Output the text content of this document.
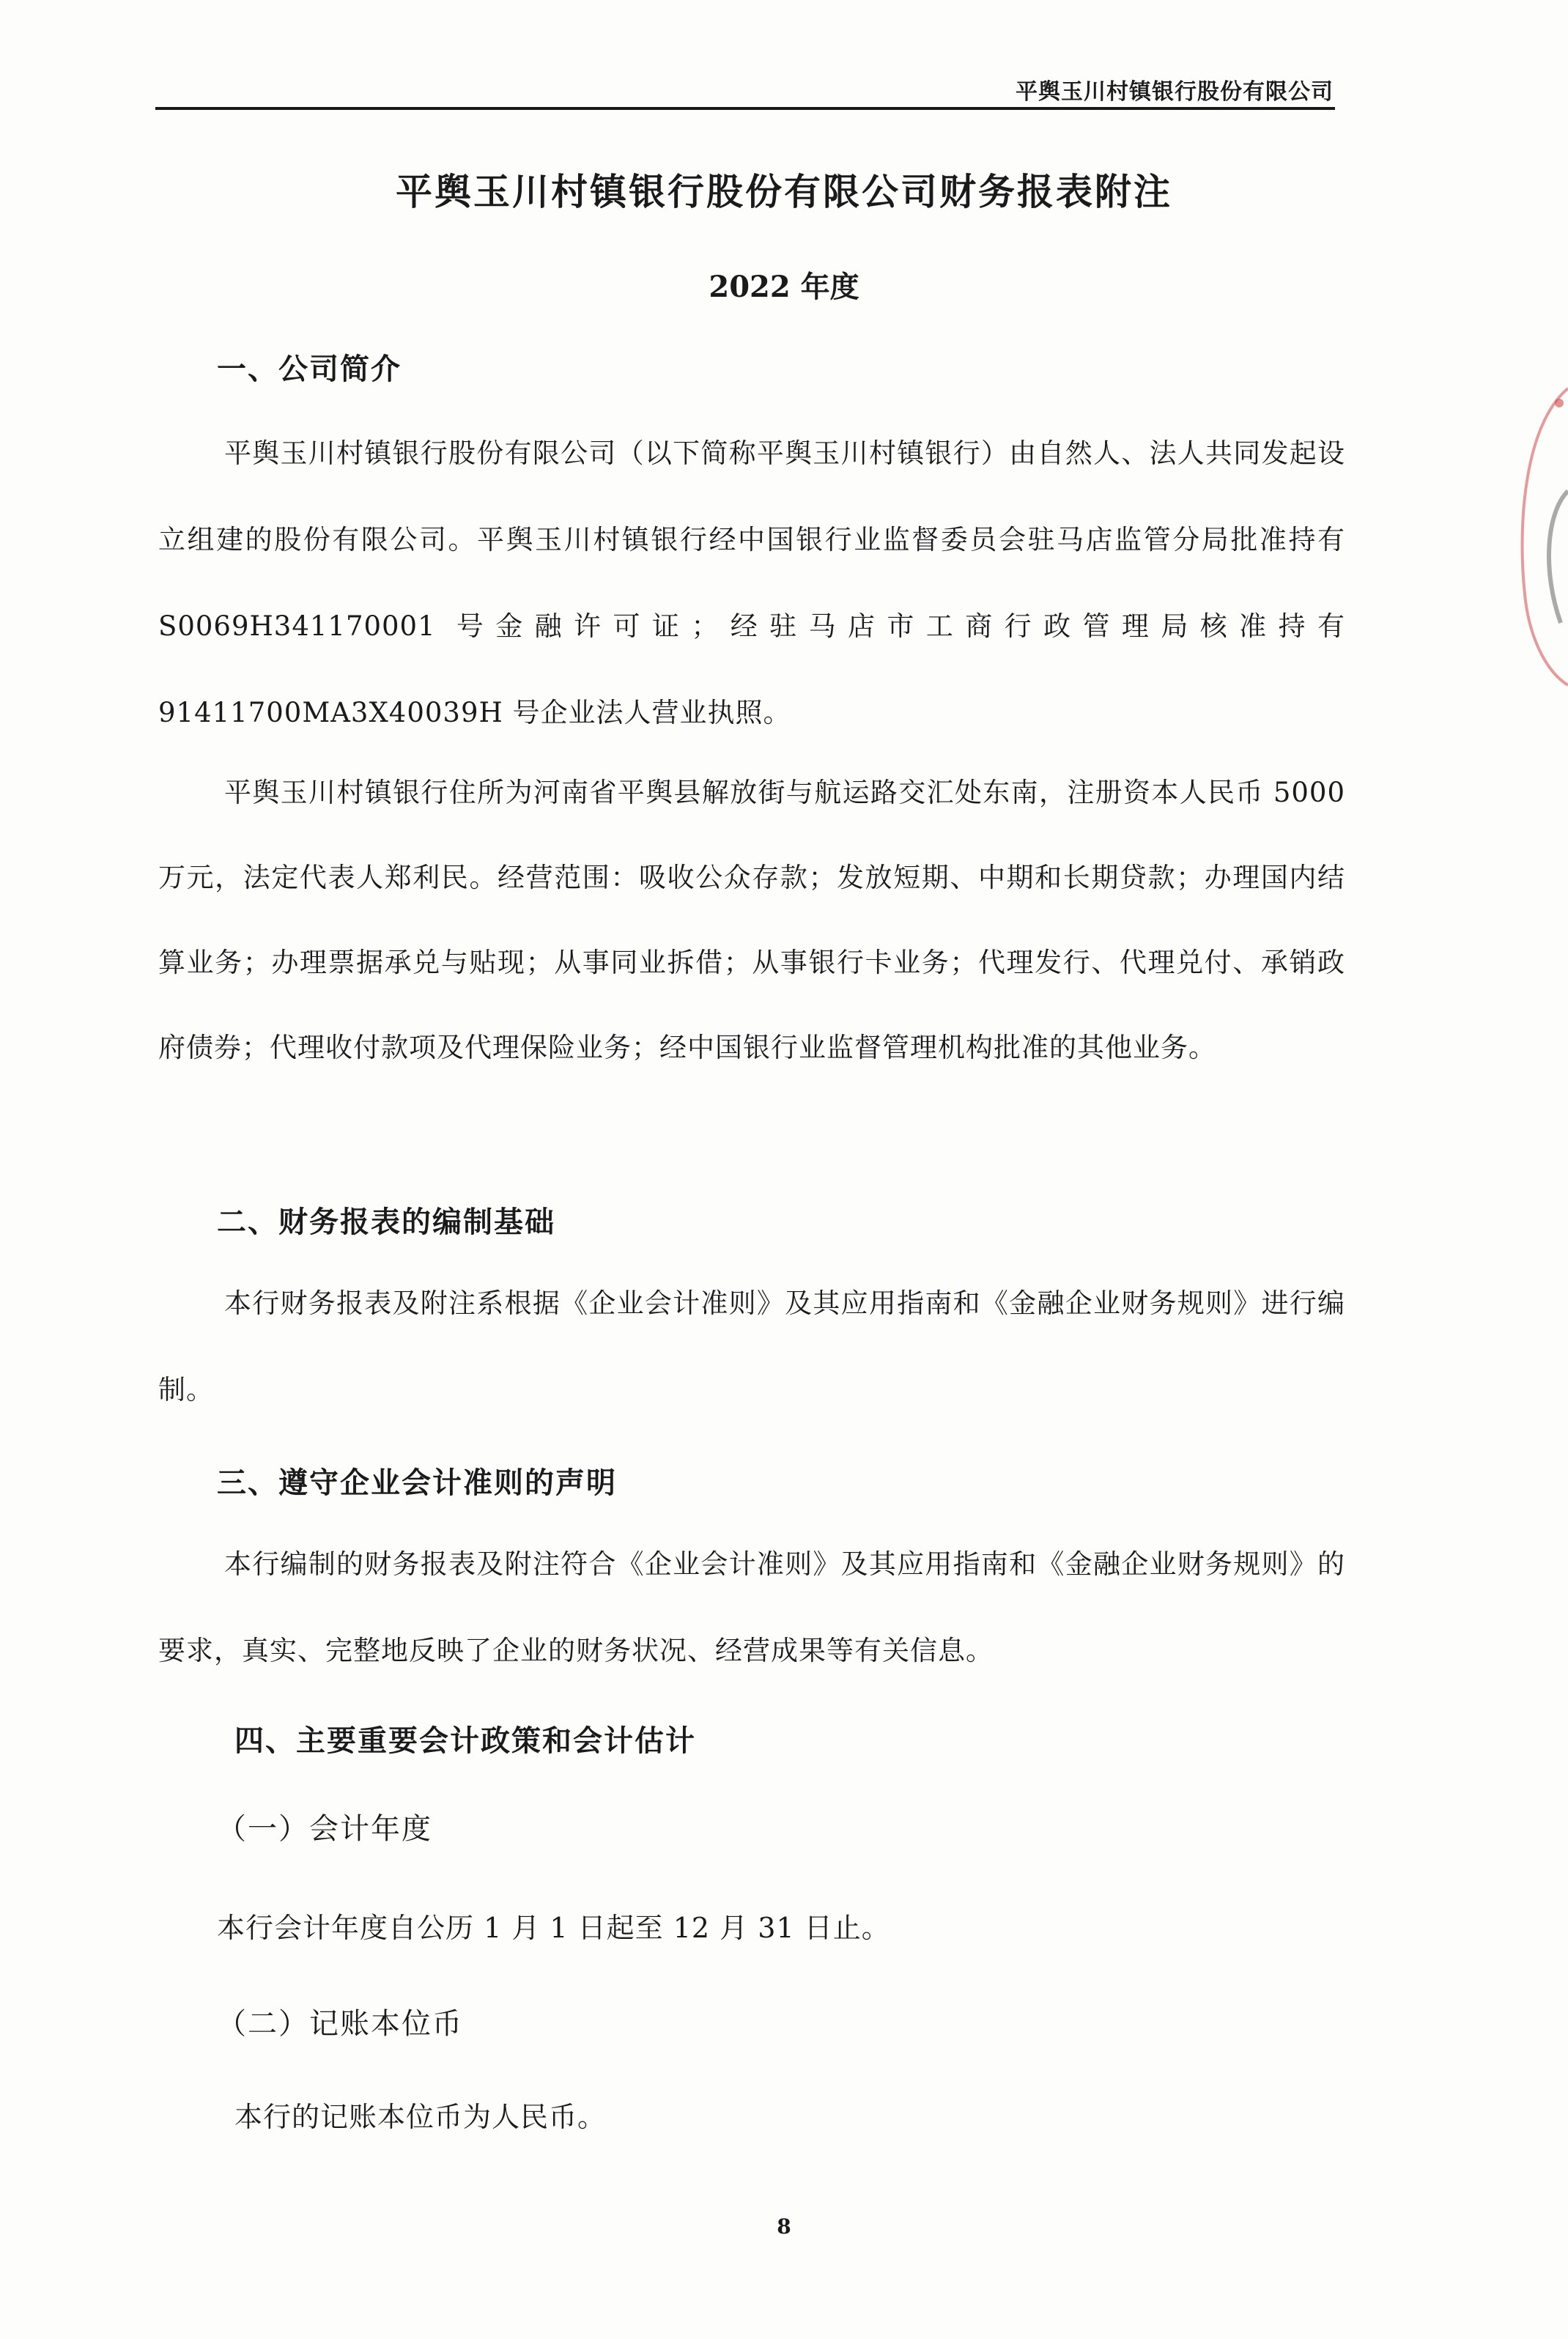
平舆玉川村镇银行股份有限公司
平舆玉川村镇银行股份有限公司财务报表附注
2022 年度
一、公司简介

平舆玉川村镇银行股份有限公司（以下简称平舆玉川村镇银行）由自然人、法人共同发起设立组建的股份有限公司。平舆玉川村镇银行经中国银行业监督委员会驻马店监管分局批准持有 S0069H341170001 号金融许可证；经驻马店市工商行政管理局核准持有 91411700MA3X40039H 号企业法人营业执照。

平舆玉川村镇银行住所为河南省平舆县解放街与航运路交汇处东南，注册资本人民币 5000 万元，法定代表人郑利民。经营范围：吸收公众存款；发放短期、中期和长期贷款；办理国内结算业务；办理票据承兑与贴现；从事同业拆借；从事银行卡业务；代理发行、代理兑付、承销政府债券；代理收付款项及代理保险业务；经中国银行业监督管理机构批准的其他业务。

二、财务报表的编制基础

本行财务报表及附注系根据《企业会计准则》及其应用指南和《金融企业财务规则》进行编制。

三、遵守企业会计准则的声明

本行编制的财务报表及附注符合《企业会计准则》及其应用指南和《金融企业财务规则》的要求，真实、完整地反映了企业的财务状况、经营成果等有关信息。

四、主要重要会计政策和会计估计
（一）会计年度
本行会计年度自公历 1 月 1 日起至 12 月 31 日止。
（二）记账本位币
本行的记账本位币为人民币。
8
